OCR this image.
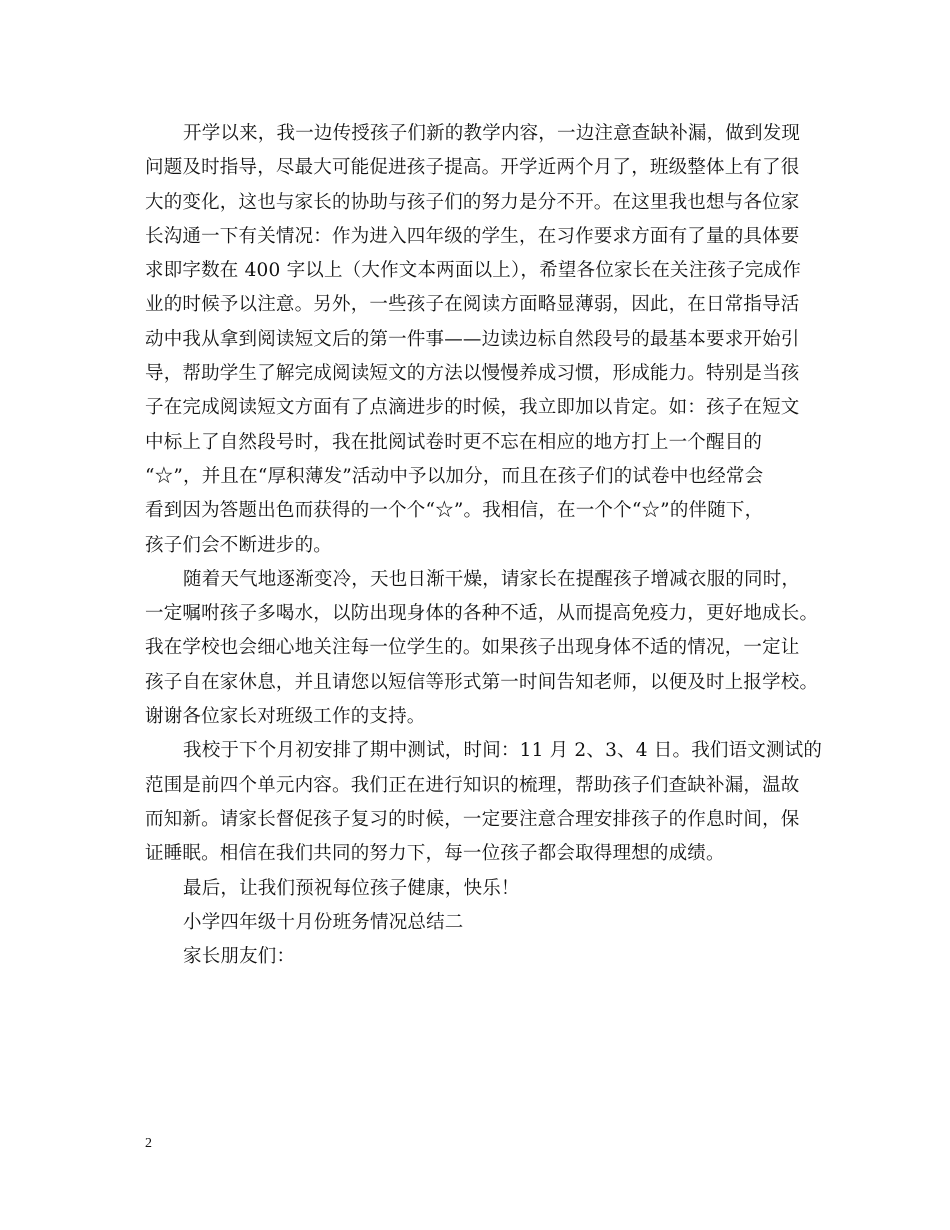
开学以来，我一边传授孩子们新的教学内容，一边注意查缺补漏，做到发现
问题及时指导，尽最大可能促进孩子提高。开学近两个月了，班级整体上有了很
大的变化，这也与家长的协助与孩子们的努力是分不开。在这里我也想与各位家
长沟通一下有关情况：作为进入四年级的学生，在习作要求方面有了量的具体要
求即字数在 400 字以上（大作文本两面以上），希望各位家长在关注孩子完成作
业的时候予以注意。另外，一些孩子在阅读方面略显薄弱，因此，在日常指导活
动中我从拿到阅读短文后的第一件事——边读边标自然段号的最基本要求开始引
导，帮助学生了解完成阅读短文的方法以慢慢养成习惯，形成能力。特别是当孩
子在完成阅读短文方面有了点滴进步的时候，我立即加以肯定。如：孩子在短文
中标上了自然段号时，我在批阅试卷时更不忘在相应的地方打上一个醒目的
“☆”，并且在“厚积薄发”活动中予以加分，而且在孩子们的试卷中也经常会
看到因为答题出色而获得的一个个“☆”。我相信，在一个个“☆”的伴随下，
孩子们会不断进步的。
随着天气地逐渐变冷，天也日渐干燥，请家长在提醒孩子增减衣服的同时，
一定嘱咐孩子多喝水，以防出现身体的各种不适，从而提高免疫力，更好地成长。
我在学校也会细心地关注每一位学生的。如果孩子出现身体不适的情况，一定让
孩子自在家休息，并且请您以短信等形式第一时间告知老师，以便及时上报学校。
谢谢各位家长对班级工作的支持。
我校于下个月初安排了期中测试，时间：11 月 2、3、4 日。我们语文测试的
范围是前四个单元内容。我们正在进行知识的梳理，帮助孩子们查缺补漏，温故
而知新。请家长督促孩子复习的时候，一定要注意合理安排孩子的作息时间，保
证睡眠。相信在我们共同的努力下，每一位孩子都会取得理想的成绩。
最后，让我们预祝每位孩子健康，快乐！
小学四年级十月份班务情况总结二
家长朋友们：
2
